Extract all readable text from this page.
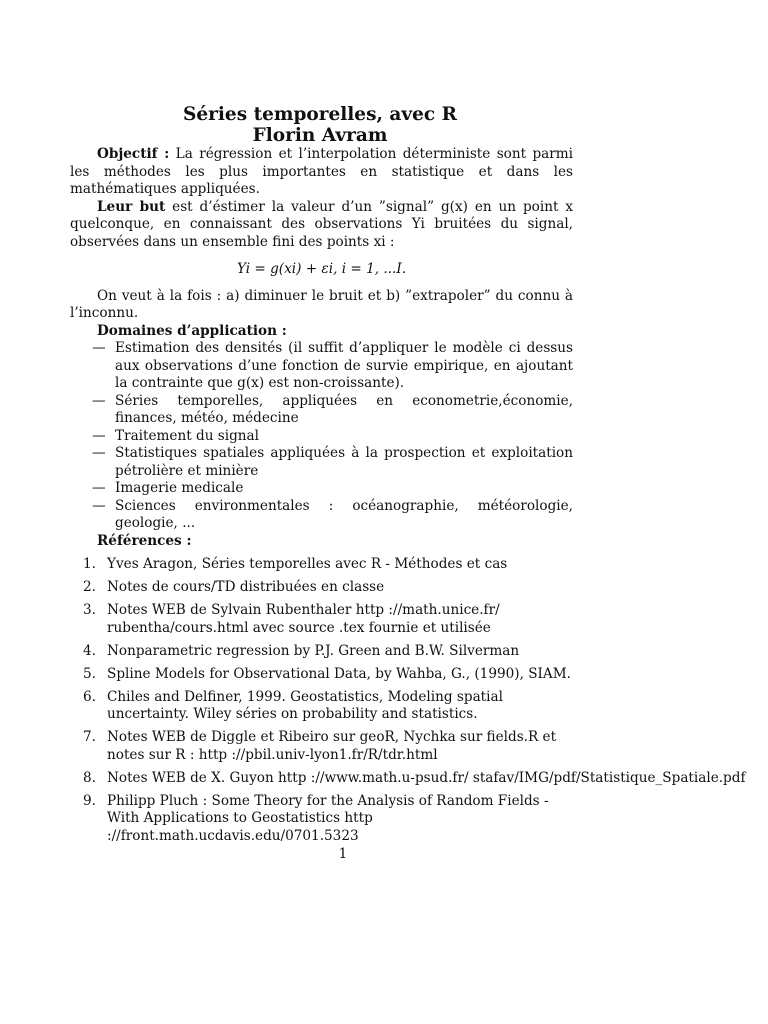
Séries temporelles, avec R
Florin Avram

Objectif : La régression et l’interpolation déterministe sont parmi les méthodes les plus importantes en statistique et dans les mathématiques appliquées.

Leur but est d’éstimer la valeur d’un ”signal” g(x) en un point x quelconque, en connaissant des observations Yi bruitées du signal, observées dans un ensemble fini des points xi :

Yi = g(xi) + εi, i = 1, ...I.

On veut à la fois : a) diminuer le bruit et b) ”extrapoler” du connu à l’inconnu.

Domaines d’application :
— Estimation des densités (il suffit d’appliquer le modèle ci dessus aux observations d’une fonction de survie empirique, en ajoutant la contrainte que g(x) est non-croissante).
— Séries temporelles, appliquées en econometrie,économie, finances, météo, médecine
— Traitement du signal
— Statistiques spatiales appliquées à la prospection et exploitation pétrolière et minière
— Imagerie medicale
— Sciences environmentales : océanographie, météorologie, geologie, ...
Références :
1. Yves Aragon, Séries temporelles avec R - Méthodes et cas
2. Notes de cours/TD distribuées en classe
3. Notes WEB de Sylvain Rubenthaler http ://math.unice.fr/ rubentha/cours.html avec source .tex fournie et utilisée
4. Nonparametric regression by P.J. Green and B.W. Silverman
5. Spline Models for Observational Data, by Wahba, G., (1990), SIAM.
6. Chiles and Delfiner, 1999. Geostatistics, Modeling spatial uncertainty. Wiley séries on probability and statistics.
7. Notes WEB de Diggle et Ribeiro sur geoR, Nychka sur fields.R et notes sur R : http ://pbil.univ-lyon1.fr/R/tdr.html
8. Notes WEB de X. Guyon http ://www.math.u-psud.fr/ stafav/IMG/pdf/Statistique_Spatiale.pdf
9. Philipp Pluch : Some Theory for the Analysis of Random Fields - With Applications to Geostatistics http ://front.math.ucdavis.edu/0701.5323
1
